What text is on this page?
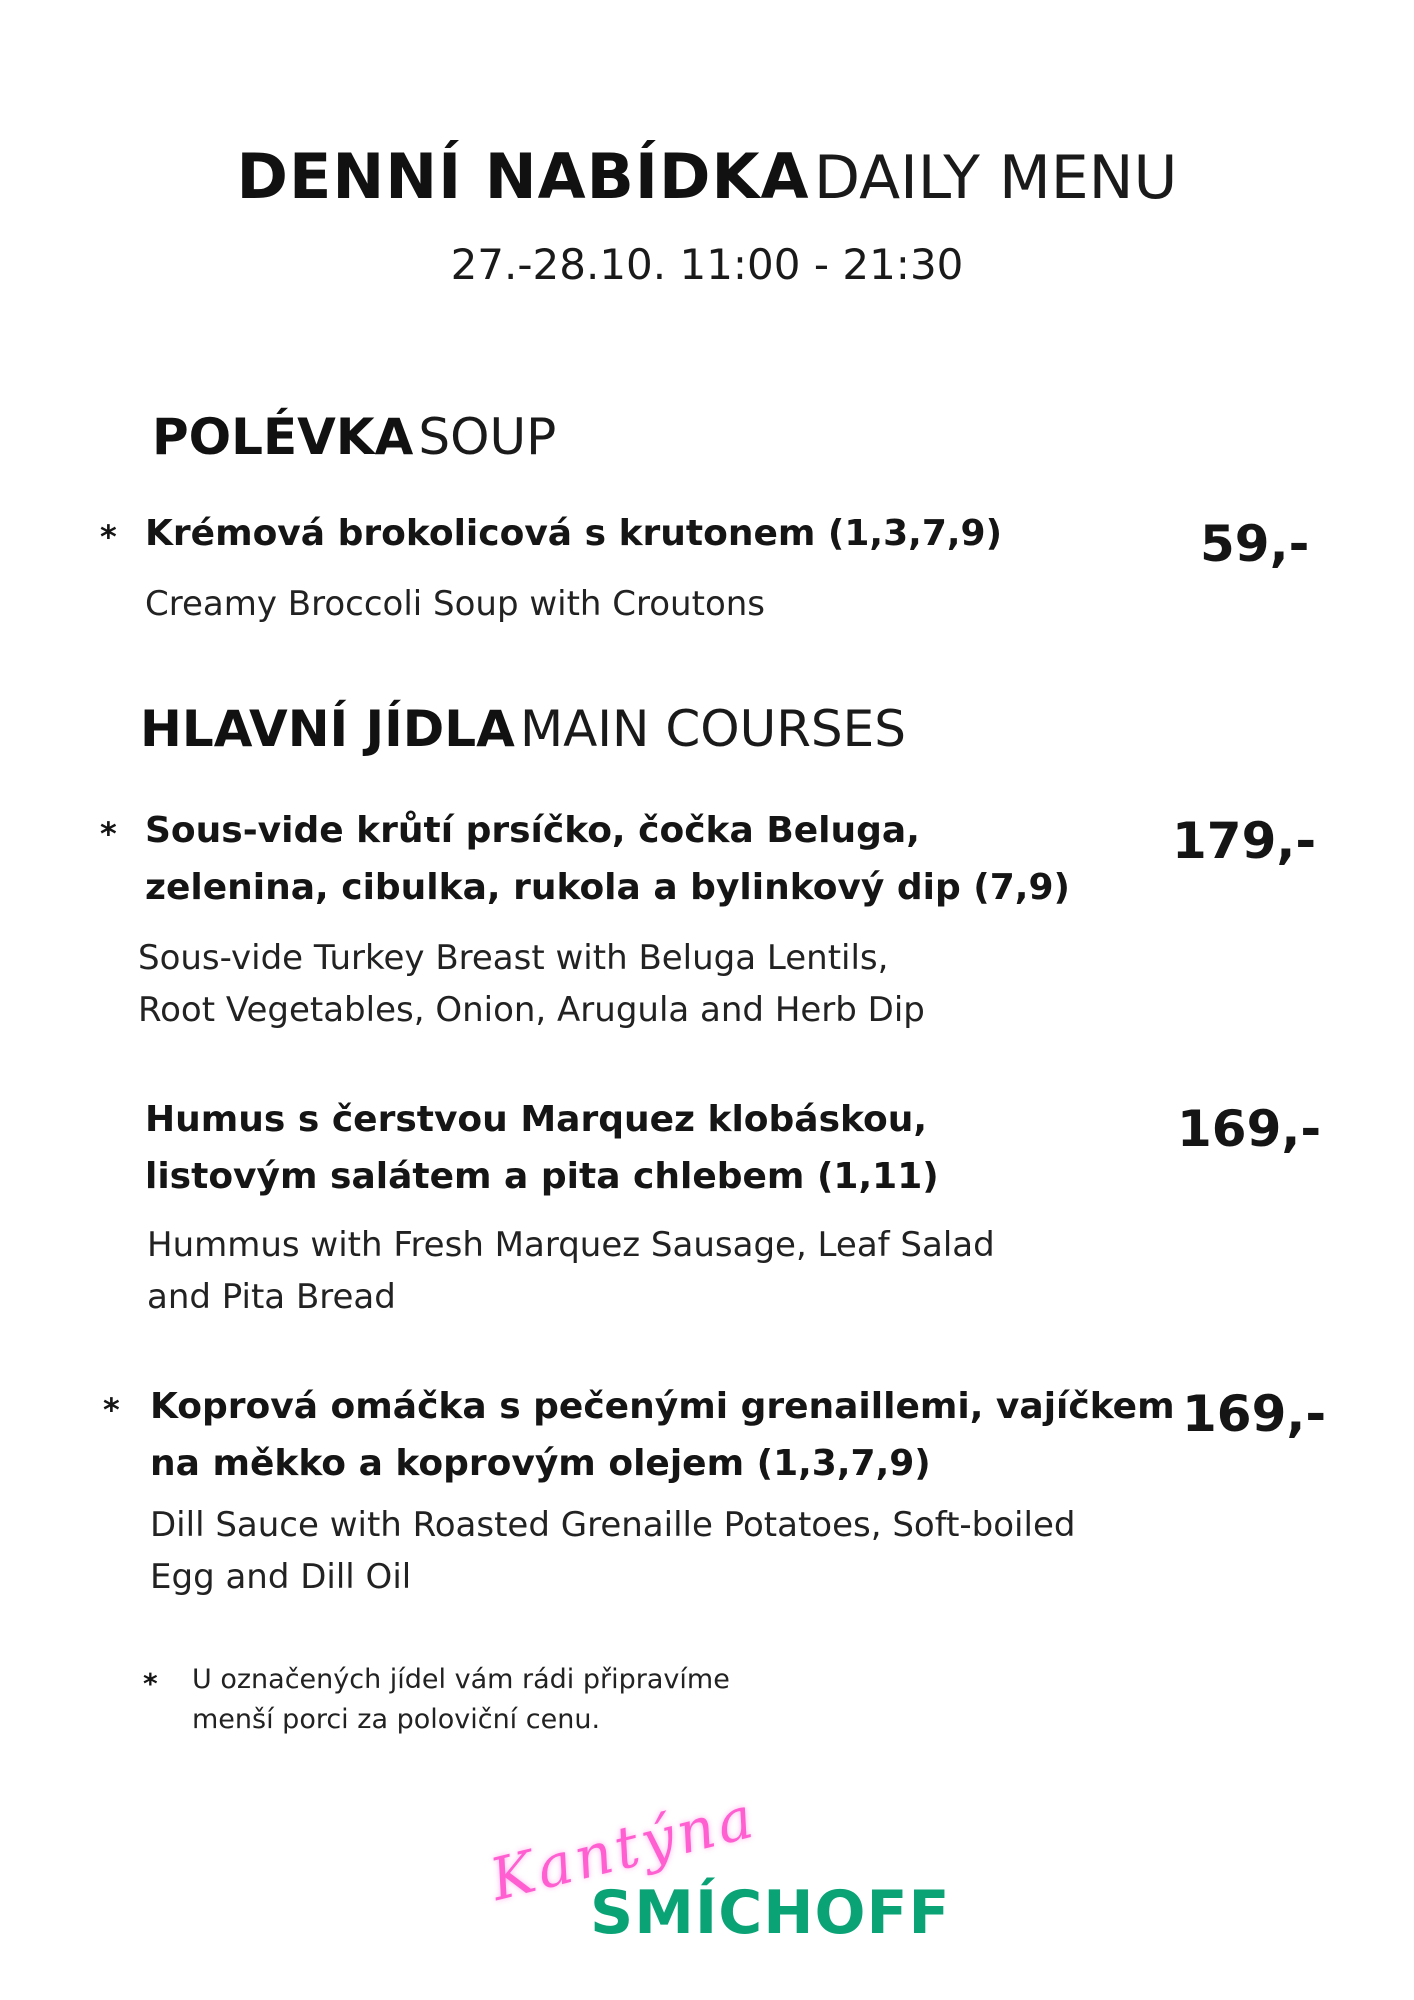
DENNÍ NABÍDKA DAILY MENU
27.-28.10. 11:00 - 21:30
POLÉVKA SOUP
* Krémová brokolicová s krutonem (1,3,7,9)
Creamy Broccoli Soup with Croutons
59,-
HLAVNÍ JÍDLA MAIN COURSES
* Sous-vide krůtí prsíčko, čočka Beluga,
zelenina, cibulka, rukola a bylinkový dip (7,9)
Sous-vide Turkey Breast with Beluga Lentils,
Root Vegetables, Onion, Arugula and Herb Dip
179,-
Humus s čerstvou Marquez klobáskou,
listovým salátem a pita chlebem (1,11)
Hummus with Fresh Marquez Sausage, Leaf Salad
and Pita Bread
169,-
* Koprová omáčka s pečenými grenaillemi, vajíčkem
na měkko a koprovým olejem (1,3,7,9)
Dill Sauce with Roasted Grenaille Potatoes, Soft-boiled
Egg and Dill Oil
169,-
* U označených jídel vám rádi připravíme
menší porci za poloviční cenu.
Kantýna
SMÍCHOFF
